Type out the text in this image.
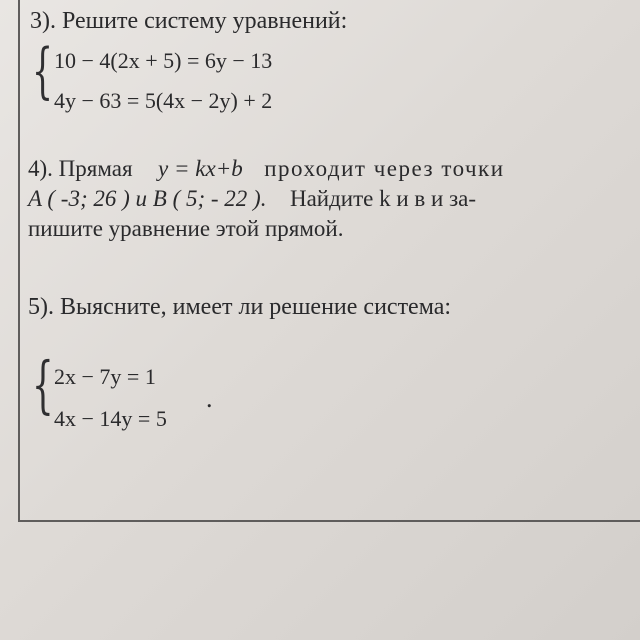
3). Решите систему уравнений:
{ 10 − 4(2x + 5) = 6y − 13
4y − 63 = 5(4x − 2y) + 2
4). Прямая y = kx+b проходит через точки
A ( -3; 26 ) и B ( 5; - 22 ). Найдите k и в и за-
пишите уравнение этой прямой.
5). Выясните, имеет ли решение система:
{ 2x − 7y = 1
4x − 14y = 5
.
